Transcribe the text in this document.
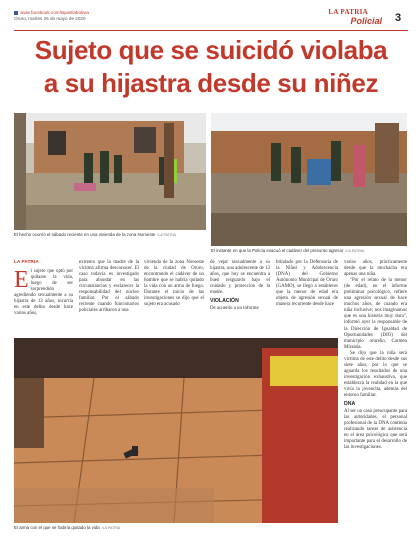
www.facebook.com/lapatriabolivia
Oruro, martes 26 de mayo de 2020
LA PATRIA
Policial	3
Sujeto que se suicidó violaba
a su hijastra desde su niñez
El hecho ocurrió el sábado reciente en una vivienda de la zona Noroeste /LA PATRIA
El instante en que la Policía evacuó el cadáver del presunto agresor /LA PATRIA
LA PATRIA

El sujeto que optó por quitarse la vida, luego de ser sorprendido agrediendo sexualmente a su hijastra de 13 años, incurría en este delito desde hace varios años,

extremo que la madre de la víctima afirma desconocer. El caso todavía es investigado para ahondar en las circunstancias y esclarecer la responsabilidad del núcleo familiar. Por el sábado reciente cuando funcionarios policiales arribaron a una

vivienda de la zona Noroeste de la ciudad de Oruro, encontrando el cadáver de un hombre que se habría quitado la vida con un arma de fuego. Durante el inicio de las investigaciones se dijo que el sujeto era acusado

de vejar sexualmente a su hijastra, una adolescente de 13 años, que hoy se encuentra a buen resguardo bajo el cuidado y protección de la madre.

VIOLACIÓN

De acuerdo a un informe

brindado por la Defensoría de la Niñez y Adolescencia (DNA) del Gobierno Autónomo Municipal de Oruro (GAMO), se llegó a establecer que la menor de edad era objeto de agresión sexual de manera recurrente desde hace

varios años, prácticamente desde que la muchacha era apenas una niña.

"Por el relato de la menor (de edad), en el informe preliminar psicológico, refiere una agresión sexual de hace muchos años, de cuando era niña inclusive; nos imaginamos que es una historia muy dura", informó ayer la responsable de la Dirección de Igualdad de Oportunidades (DIO) del municipio orureño, Carmen Miranda.

Se dijo que la niña será víctima de este delito desde sus siete años, por lo que se aguarda los resultados de una investigación exhaustiva, que establezca la realidad en la que vivía la jovencita, además del entorno familiar.

DNA

Al ser un caso preocupante para las autoridades, el personal profesional de la DNA continúa realizando tareas de asistencia en el área psicológica que será importante para el desarrollo de las investigaciones.

El arma con el que se habría quitado la vida /LA PATRIA
